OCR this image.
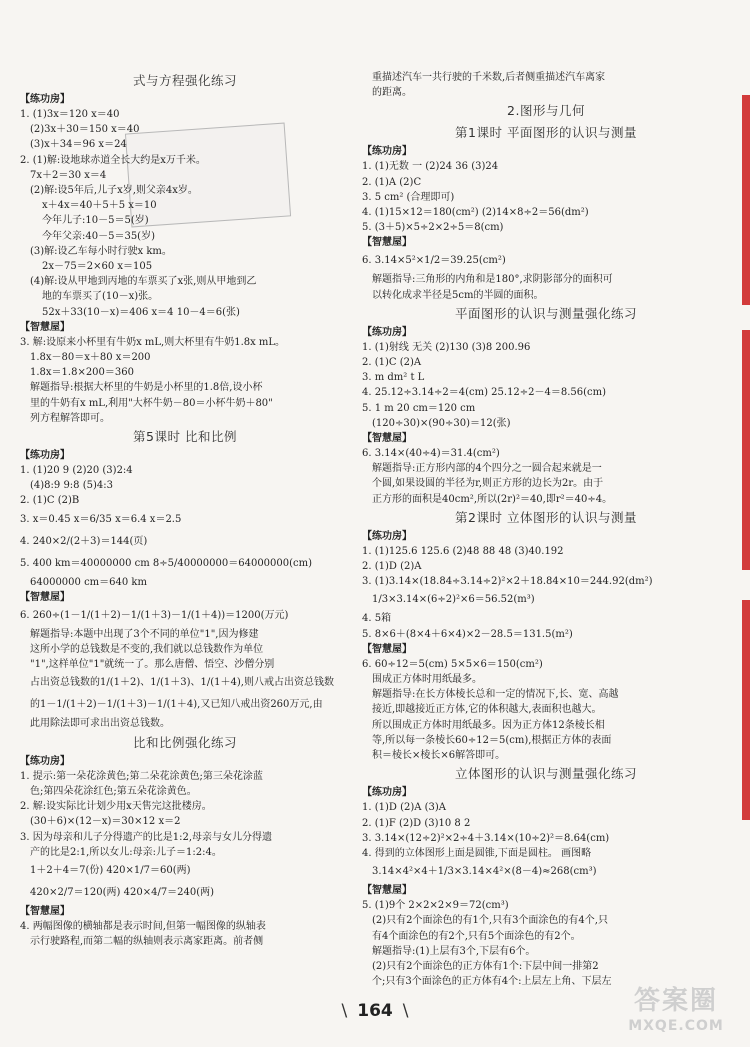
式与方程强化练习
【练功房】
1. (1)3x＝120 x＝40
(2)3x＋30＝150 x＝40
(3)x＋34＝96 x＝24
2. (1)解:设地球赤道全长大约是x万千米。
7x＋2＝30 x＝4
(2)解:设5年后,儿子x岁,则父亲4x岁。
x＋4x＝40＋5＋5 x＝10
今年儿子:10－5＝5(岁)
今年父亲:40－5＝35(岁)
(3)解:设乙车每小时行驶x km。
2x－75＝2×60 x＝105
(4)解:设从甲地到丙地的车票买了x张,则从甲地到乙
地的车票买了(10－x)张。
52x＋33(10－x)＝406 x＝4 10－4＝6(张)
【智慧屋】
3. 解:设原来小杯里有牛奶x mL,则大杯里有牛奶1.8x mL。
1.8x－80＝x＋80 x＝200
1.8x＝1.8×200＝360
解题指导:根据大杯里的牛奶是小杯里的1.8倍,设小杯
里的牛奶有x mL,利用"大杯牛奶－80＝小杯牛奶＋80"
列方程解答即可。
第5课时 比和比例
【练功房】
1. (1)20 9 (2)20 (3)2:4
(4)8:9 9:8 (5)4:3
2. (1)C (2)B
3. x＝0.45 x＝6/35 x＝6.4 x＝2.5
4. 240×2/(2＋3)＝144(页)
5. 400 km＝40000000 cm 8÷5/40000000＝64000000(cm)
64000000 cm＝640 km
【智慧屋】
6. 260÷(1－1/(1＋2)－1/(1＋3)－1/(1＋4))＝1200(万元)
解题指导:本题中出现了3个不同的单位"1",因为修建
这所小学的总钱数是不变的,我们就以总钱数作为单位
"1",这样单位"1"就统一了。那么唐僧、悟空、沙僧分别
占出资总钱数的1/(1＋2)、1/(1＋3)、1/(1＋4),则八戒占出资总钱数
的1－1/(1＋2)－1/(1＋3)－1/(1＋4),又已知八戒出资260万元,由
此用除法即可求出出资总钱数。
比和比例强化练习
【练功房】
1. 提示:第一朵花涂黄色;第二朵花涂黄色;第三朵花涂蓝
色;第四朵花涂红色;第五朵花涂黄色。
2. 解:设实际比计划少用x天售完这批楼房。
(30＋6)×(12－x)＝30×12 x＝2
3. 因为母亲和儿子分得遗产的比是1:2,母亲与女儿分得遗
产的比是2:1,所以女儿:母亲:儿子＝1:2:4。
1＋2＋4＝7(份) 420×1/7＝60(两)
420×2/7＝120(两) 420×4/7＝240(两)
【智慧屋】
4. 两幅图像的横轴都是表示时间,但第一幅图像的纵轴表
示行驶路程,而第二幅的纵轴则表示离家距离。前者侧
重描述汽车一共行驶的千米数,后者侧重描述汽车离家
的距离。
2.图形与几何
第1课时 平面图形的认识与测量
【练功房】
1. (1)无数 一 (2)24 36 (3)24
2. (1)A (2)C
3. 5 cm² (合理即可)
4. (1)15×12＝180(cm²) (2)14×8÷2＝56(dm²)
5. (3＋5)×5÷2×2÷5＝8(cm)
【智慧屋】
6. 3.14×5²×1/2＝39.25(cm²)
解题指导:三角形的内角和是180°,求阴影部分的面积可
以转化成求半径是5cm的半圆的面积。
平面图形的认识与测量强化练习
【练功房】
1. (1)射线 无关 (2)130 (3)8 200.96
2. (1)C (2)A
3. m dm² t L
4. 25.12÷3.14÷2＝4(cm) 25.12÷2－4＝8.56(cm)
5. 1 m 20 cm＝120 cm
(120÷30)×(90÷30)＝12(张)
【智慧屋】
6. 3.14×(40÷4)＝31.4(cm²)
解题指导:正方形内部的4个四分之一圆合起来就是一
个圆,如果设圆的半径为r,则正方形的边长为2r。由于
正方形的面积是40cm²,所以(2r)²＝40,即r²＝40÷4。
第2课时 立体图形的认识与测量
【练功房】
1. (1)125.6 125.6 (2)48 88 48 (3)40.192
2. (1)D (2)A
3. (1)3.14×(18.84÷3.14÷2)²×2＋18.84×10＝244.92(dm²)
1/3×3.14×(6÷2)²×6＝56.52(m³)
4. 5箱
5. 8×6＋(8×4＋6×4)×2－28.5＝131.5(m²)
【智慧屋】
6. 60÷12＝5(cm) 5×5×6＝150(cm²)
围成正方体时用纸最多。
解题指导:在长方体棱长总和一定的情况下,长、宽、高越
接近,即越接近正方体,它的体积越大,表面积也越大。
所以围成正方体时用纸最多。因为正方体12条棱长相
等,所以每一条棱长60÷12＝5(cm),根据正方体的表面
积＝棱长×棱长×6解答即可。
立体图形的认识与测量强化练习
【练功房】
1. (1)D (2)A (3)A
2. (1)F (2)D (3)10 8 2
3. 3.14×(12÷2)²×2÷4＋3.14×(10÷2)²＝8.64(cm)
4. 得到的立体图形上面是圆锥,下面是圆柱。 画图略
3.14×4²×4＋1/3×3.14×4²×(8－4)≈268(cm³)
【智慧屋】
5. (1)9个 2×2×2×9＝72(cm³)
(2)只有2个面涂色的有1个,只有3个面涂色的有4个,只
有4个面涂色的有2个,只有5个面涂色的有2个。
解题指导:(1)上层有3个,下层有6个。
(2)只有2个面涂色的正方体有1个:下层中间一排第2
个;只有3个面涂色的正方体有4个:上层左上角、下层左
\ 164 \	答案圈
MXQE.COM
